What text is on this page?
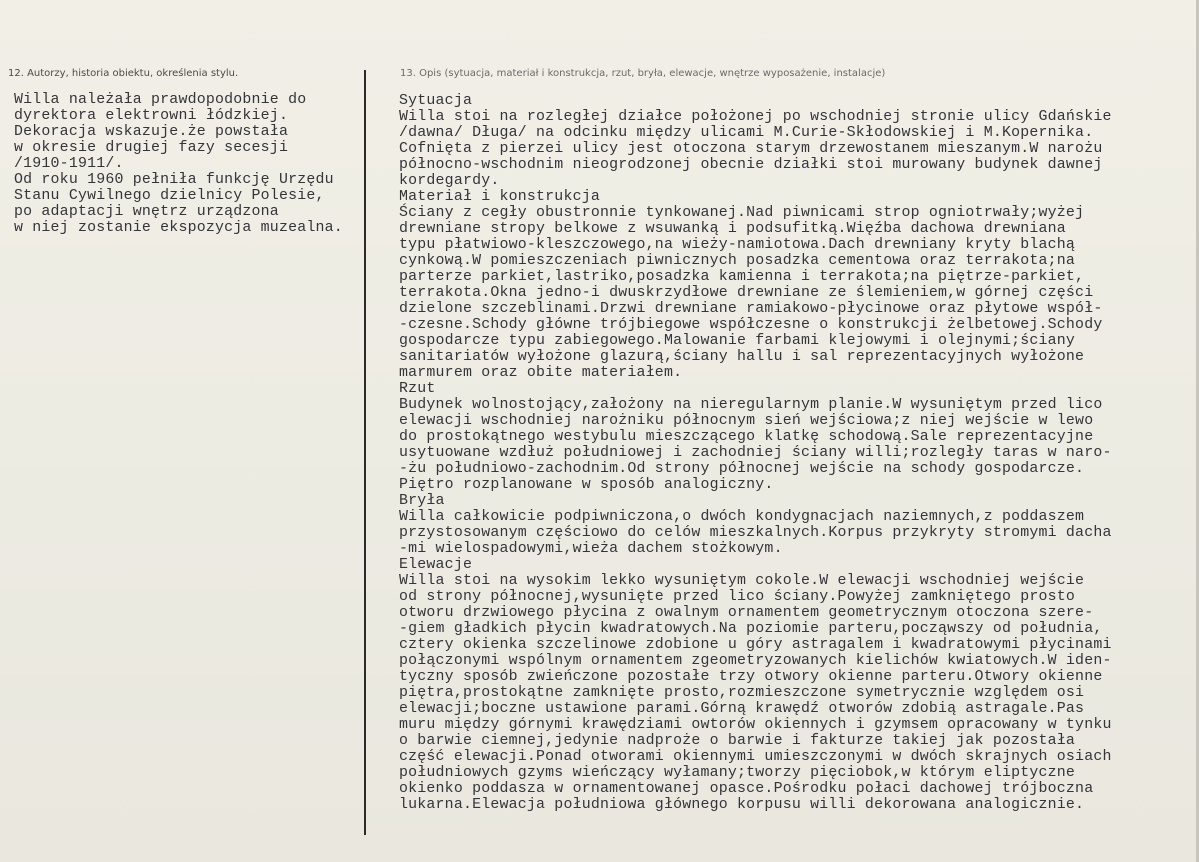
12. Autorzy, historia obiektu, określenia stylu.	13. Opis (sytuacja, materiał i konstrukcja, rzut, bryła, elewacje, wnętrze wyposażenie, instalacje)
Willa należała prawdopodobnie do
dyrektora elektrowni łódzkiej.
Dekoracja wskazuje.że powstała
w okresie drugiej fazy secesji
/1910-1911/.
Od roku 1960 pełniła funkcję Urzędu
Stanu Cywilnego dzielnicy Polesie,
po adaptacji wnętrz urządzona
w niej zostanie ekspozycja muzealna.
Sytuacja
Willa stoi na rozległej działce położonej po wschodniej stronie ulicy Gdańskie
/dawna/ Długa/ na odcinku między ulicami M.Curie-Skłodowskiej i M.Kopernika.
Cofnięta z pierzei ulicy jest otoczona starym drzewostanem mieszanym.W narożu
północno-wschodnim nieogrodzonej obecnie działki stoi murowany budynek dawnej
kordegardy.
Materiał i konstrukcja
Ściany z cegły obustronnie tynkowanej.Nad piwnicami strop ogniotrwały;wyżej
drewniane stropy belkowe z wsuwanką i podsufitką.Więźba dachowa drewniana
typu płatwiowo-kleszczowego,na wieży-namiotowa.Dach drewniany kryty blachą
cynkową.W pomieszczeniach piwnicznych posadzka cementowa oraz terrakota;na
parterze parkiet,lastriko,posadzka kamienna i terrakota;na piętrze-parkiet,
terrakota.Okna jedno-i dwuskrzydłowe drewniane ze ślemieniem,w górnej części
dzielone szczeblinami.Drzwi drewniane ramiakowo-płycinowe oraz płytowe współ-
-czesne.Schody główne trójbiegowe współczesne o konstrukcji żelbetowej.Schody
gospodarcze typu zabiegowego.Malowanie farbami klejowymi i olejnymi;ściany
sanitariatów wyłożone glazurą,ściany hallu i sal reprezentacyjnych wyłożone
marmurem oraz obite materiałem.
Rzut
Budynek wolnostojący,założony na nieregularnym planie.W wysuniętym przed lico
elewacji wschodniej narożniku północnym sień wejściowa;z niej wejście w lewo
do prostokątnego westybulu mieszczącego klatkę schodową.Sale reprezentacyjne
usytuowane wzdłuż południowej i zachodniej ściany willi;rozległy taras w naro-
-żu południowo-zachodnim.Od strony północnej wejście na schody gospodarcze.
Piętro rozplanowane w sposób analogiczny.
Bryła
Willa całkowicie podpiwniczona,o dwóch kondygnacjach naziemnych,z poddaszem
przystosowanym częściowo do celów mieszkalnych.Korpus przykryty stromymi dacha
-mi wielospadowymi,wieża dachem stożkowym.
Elewacje
Willa stoi na wysokim lekko wysuniętym cokole.W elewacji wschodniej wejście
od strony północnej,wysunięte przed lico ściany.Powyżej zamkniętego prosto
otworu drzwiowego płycina z owalnym ornamentem geometrycznym otoczona szere-
-giem gładkich płycin kwadratowych.Na poziomie parteru,począwszy od południa,
cztery okienka szczelinowe zdobione u góry astragalem i kwadratowymi płycinami
połączonymi wspólnym ornamentem zgeometryzowanych kielichów kwiatowych.W iden-
tyczny sposób zwieńczone pozostałe trzy otwory okienne parteru.Otwory okienne
piętra,prostokątne zamknięte prosto,rozmieszczone symetrycznie względem osi
elewacji;boczne ustawione parami.Górną krawędź otworów zdobią astragale.Pas
muru między górnymi krawędziami owtorów okiennych i gzymsem opracowany w tynku
o barwie ciemnej,jedynie nadproże o barwie i fakturze takiej jak pozostała
część elewacji.Ponad otworami okiennymi umieszczonymi w dwóch skrajnych osiach
południowych gzyms wieńczący wyłamany;tworzy pięciobok,w którym eliptyczne
okienko poddasza w ornamentowanej opasce.Pośrodku połaci dachowej trójboczna
lukarna.Elewacja południowa głównego korpusu willi dekorowana analogicznie.
